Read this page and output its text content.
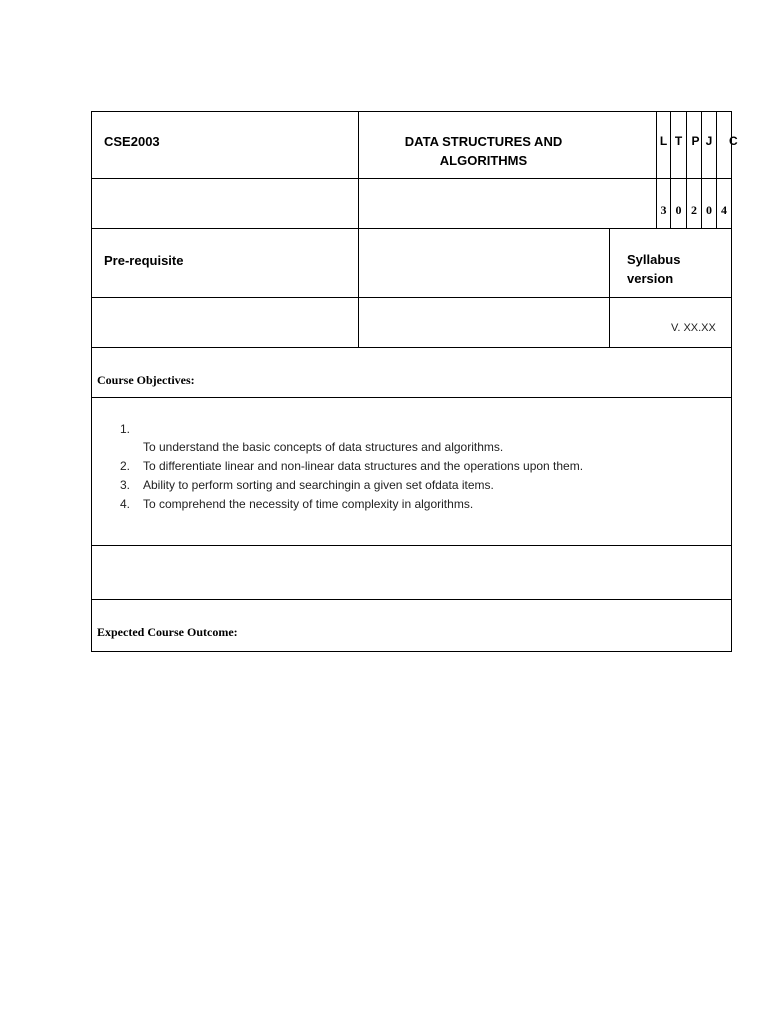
CSE2003	DATA STRUCTURES AND
ALGORITHMS
L T P J	C
3 0 2 0 4
Pre-requisite	Syllabus
version
V. XX.XX
Course Objectives:
1.
To understand the basic concepts of data structures and algorithms.
2. To differentiate linear and non-linear data structures and the operations upon them.
3. Ability to perform sorting and searchingin a given set ofdata items.
4. To comprehend the necessity of time complexity in algorithms.
Expected Course Outcome:
